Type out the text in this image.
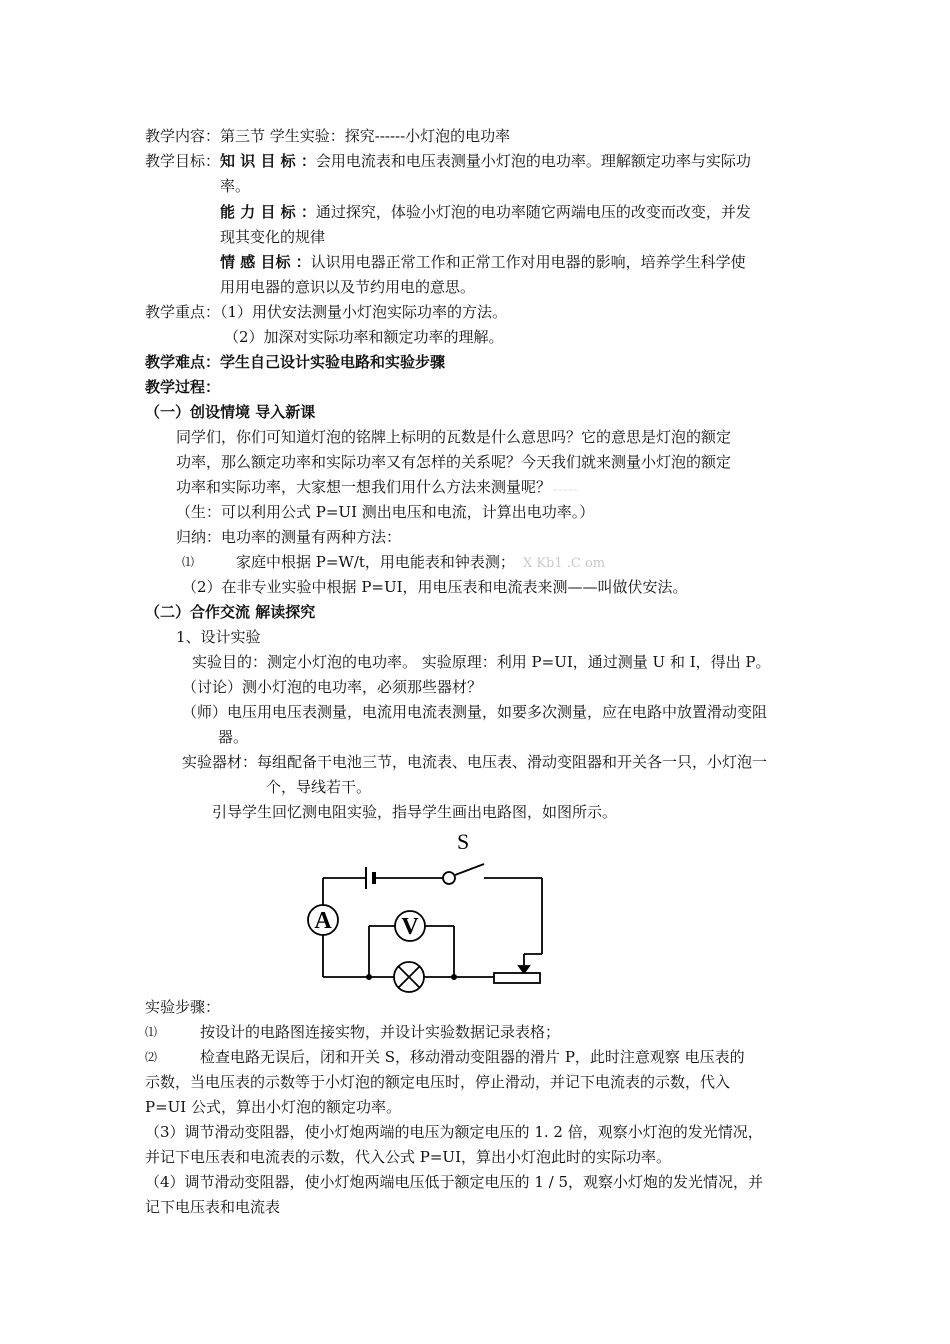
教学内容：第三节 学生实验：探究------小灯泡的电功率
教学目标：知 识 目 标 ：会用电流表和电压表测量小灯泡的电功率。理解额定功率与实际功
率。
能 力 目 标 ：通过探究，体验小灯泡的电功率随它两端电压的改变而改变，并发
现其变化的规律
情 感 目标 ：认识用电器正常工作和正常工作对用电器的影响，培养学生科学使
用用电器的意识以及节约用电的意思。
教学重点：（1）用伏安法测量小灯泡实际功率的方法。
（2）加深对实际功率和额定功率的理解。
教学难点：学生自己设计实验电路和实验步骤
教学过程：
（一）创设情境 导入新课
同学们，你们可知道灯泡的铭牌上标明的瓦数是什么意思吗？它的意思是灯泡的额定
功率，那么额定功率和实际功率又有怎样的关系呢？今天我们就来测量小灯泡的额定
功率和实际功率，大家想一想我们用什么方法来测量呢？ ~~~~~
（生：可以利用公式 P=UI 测出电压和电流，计算出电功率。）
归纳：电功率的测量有两种方法：
⑴	家庭中根据 P=W/t，用电能表和钟表测； X Kb1 .C om
（2）在非专业实验中根据 P=UI，用电压表和电流表来测——叫做伏安法。
（二）合作交流 解读探究
1、设计实验
实验目的：测定小灯泡的电功率。 实验原理：利用 P=UI，通过测量 U 和 I，得出 P。
（讨论）测小灯泡的电功率，必须那些器材？
（师）电压用电压表测量，电流用电流表测量，如要多次测量，应在电路中放置滑动变阻
器。
实验器材：每组配备干电池三节，电流表、电压表、滑动变阻器和开关各一只，小灯泡一
个，导线若干。
引导学生回忆测电阻实验，指导学生画出电路图，如图所示。
S
A	V
实验步骤：
⑴	按设计的电路图连接实物，并设计实验数据记录表格；
⑵	检查电路无误后，闭和开关 S，移动滑动变阻器的滑片 P，此时注意观察 电压表的
示数，当电压表的示数等于小灯泡的额定电压时，停止滑动，并记下电流表的示数，代入
P=UI 公式，算出小灯泡的额定功率。
（3）调节滑动变阻器，使小灯炮两端的电压为额定电压的 1. 2 倍，观察小灯泡的发光情况，
并记下电压表和电流表的示数，代入公式 P=UI，算出小灯泡此时的实际功率。
（4）调节滑动变阻器，使小灯炮两端电压低于额定电压的 1 / 5，观察小灯炮的发光情况，并
记下电压表和电流表
